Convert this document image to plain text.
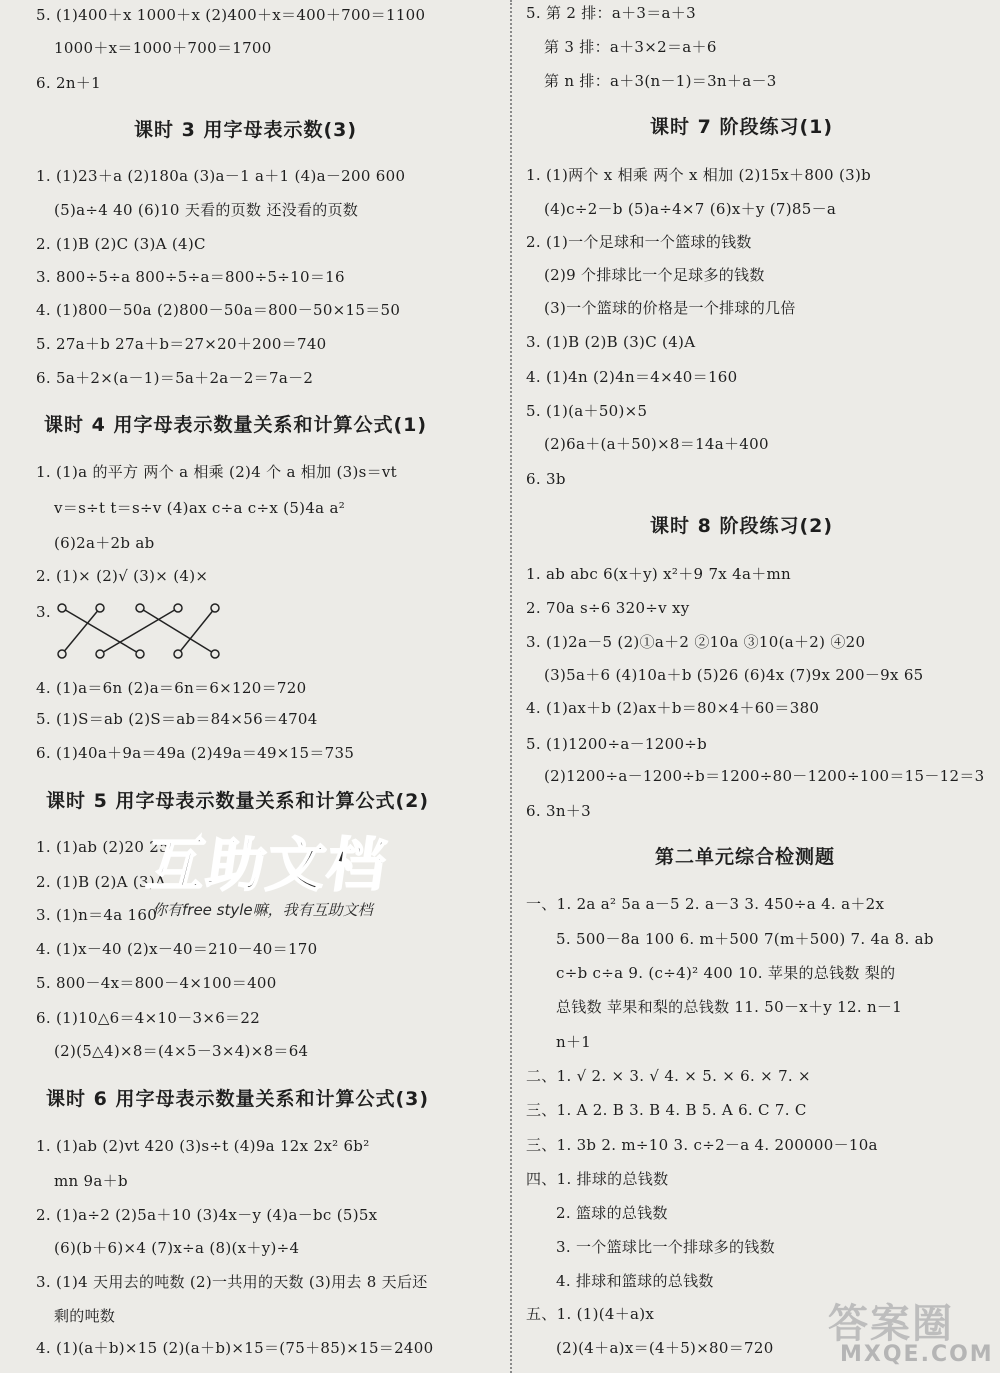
5. (1)400＋x 1000＋x (2)400＋x＝400＋700＝1100
1000＋x＝1000＋700＝1700
6. 2n＋1
课时 3 用字母表示数(3)
1. (1)23＋a (2)180a (3)a－1 a＋1 (4)a－200 600
(5)a÷4 40 (6)10 天看的页数 还没看的页数
2. (1)B (2)C (3)A (4)C
3. 800÷5÷a 800÷5÷a＝800÷5÷10＝16
4. (1)800－50a (2)800－50a＝800－50×15＝50
5. 27a＋b 27a＋b＝27×20＋200＝740
6. 5a＋2×(a－1)＝5a＋2a－2＝7a－2
课时 4 用字母表示数量关系和计算公式(1)
1. (1)a 的平方 两个 a 相乘 (2)4 个 a 相加 (3)s＝vt
v＝s÷t t＝s÷v (4)ax c÷a c÷x (5)4a a²
(6)2a＋2b ab
2. (1)× (2)√ (3)× (4)×
3.
4. (1)a＝6n (2)a＝6n＝6×120＝720
5. (1)S＝ab (2)S＝ab＝84×56＝4704
6. (1)40a＋9a＝49a (2)49a＝49×15＝735
课时 5 用字母表示数量关系和计算公式(2)
1. (1)ab (2)20 25
2. (1)B (2)A (3)A
3. (1)n＝4a 160
4. (1)x－40 (2)x－40＝210－40＝170
5. 800－4x＝800－4×100＝400
6. (1)10△6＝4×10－3×6＝22
(2)(5△4)×8＝(4×5－3×4)×8＝64
课时 6 用字母表示数量关系和计算公式(3)
1. (1)ab (2)vt 420 (3)s÷t (4)9a 12x 2x² 6b²
mn 9a＋b
2. (1)a÷2 (2)5a＋10 (3)4x－y (4)a－bc (5)5x
(6)(b＋6)×4 (7)x÷a (8)(x＋y)÷4
3. (1)4 天用去的吨数 (2)一共用的天数 (3)用去 8 天后还
剩的吨数
4. (1)(a＋b)×15 (2)(a＋b)×15＝(75＋85)×15＝2400
5. 第 2 排：a＋3＝a＋3
第 3 排：a＋3×2＝a＋6
第 n 排：a＋3(n－1)＝3n＋a－3
课时 7 阶段练习(1)
1. (1)两个 x 相乘 两个 x 相加 (2)15x＋800 (3)b
(4)c÷2－b (5)a÷4×7 (6)x＋y (7)85－a
2. (1)一个足球和一个篮球的钱数
(2)9 个排球比一个足球多的钱数
(3)一个篮球的价格是一个排球的几倍
3. (1)B (2)B (3)C (4)A
4. (1)4n (2)4n＝4×40＝160
5. (1)(a＋50)×5
(2)6a＋(a＋50)×8＝14a＋400
6. 3b
课时 8 阶段练习(2)
1. ab abc 6(x＋y) x²＋9 7x 4a＋mn
2. 70a s÷6 320÷v xy
3. (1)2a－5 (2)①a＋2 ②10a ③10(a＋2) ④20
(3)5a＋6 (4)10a＋b (5)26 (6)4x (7)9x 200－9x 65
4. (1)ax＋b (2)ax＋b＝80×4＋60＝380
5. (1)1200÷a－1200÷b
(2)1200÷a－1200÷b＝1200÷80－1200÷100＝15－12＝3
6. 3n＋3
第二单元综合检测题
一、1. 2a a² 5a a－5 2. a－3 3. 450÷a 4. a＋2x
5. 500－8a 100 6. m＋500 7(m＋500) 7. 4a 8. ab
c÷b c÷a 9. (c÷4)² 400 10. 苹果的总钱数 梨的
总钱数 苹果和梨的总钱数 11. 50－x＋y 12. n－1
n＋1
二、1. √ 2. × 3. √ 4. × 5. × 6. × 7. ×
三、1. A 2. B 3. B 4. B 5. A 6. C 7. C
三、1. 3b 2. m÷10 3. c÷2－a 4. 200000－10a
四、1. 排球的总钱数
2. 篮球的总钱数
3. 一个篮球比一个排球多的钱数
4. 排球和篮球的总钱数
五、1. (1)(4＋a)x
(2)(4＋a)x＝(4＋5)×80＝720
互助文档
你有free style嘛，我有互助文档
答案圈
MXQE.COM
